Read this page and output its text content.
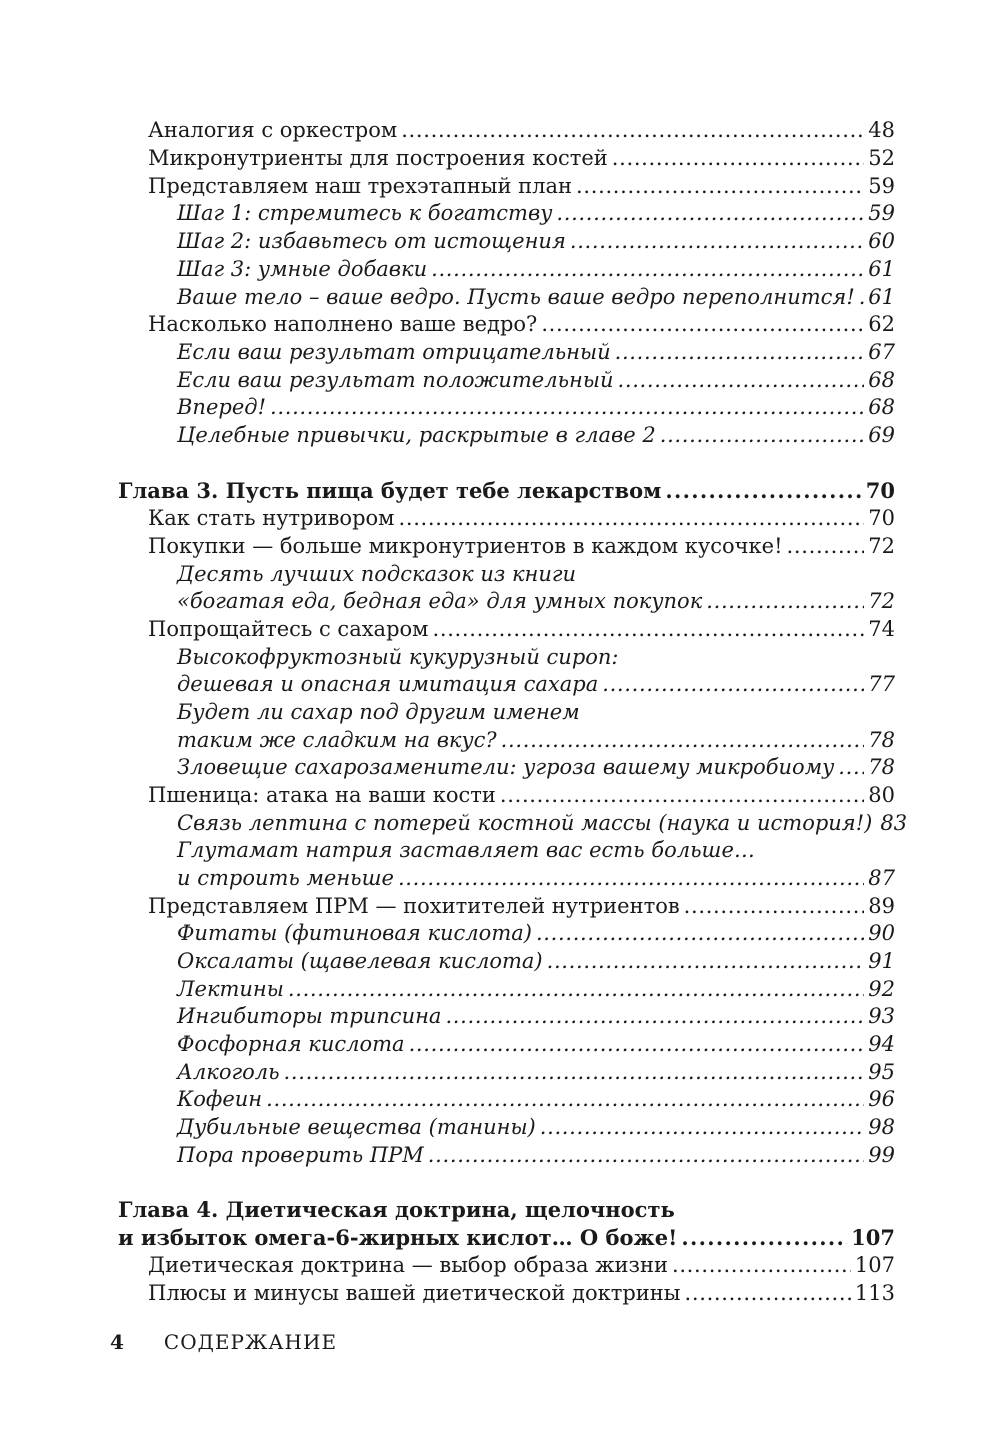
Аналогия с оркестром . . .	48
Микронутриенты для построения костей . . .	52
Представляем наш трехэтапный план . . .	59
Шаг 1: стремитесь к богатству . . .	59
Шаг 2: избавьтесь от истощения . . .	60
Шаг 3: умные добавки . . .	61
Ваше тело – ваше ведро. Пусть ваше ведро переполнится! . . . 61
Насколько наполнено ваше ведро? . . .	62
Если ваш результат отрицательный . . .	67
Если ваш результат положительный . . .	68
Вперед! . . .	68
Целебные привычки, раскрытые в главе 2 . . .	69
Глава 3. Пусть пища будет тебе лекарством . . .	70
Как стать нутривором . . .	70
Покупки — больше микронутриентов в каждом кусочке! . . .	72
Десять лучших подсказок из книги
«богатая еда, бедная еда» для умных покупок . . .	72
Попрощайтесь с сахаром . . .	74
Высокофруктозный кукурузный сироп:
дешевая и опасная имитация сахара . . .	77
Будет ли сахар под другим именем
таким же сладким на вкус? . . .	78
Зловещие сахарозаменители: угроза вашему микробиому . . . 78
Пшеница: атака на ваши кости . . .	80
Связь лептина с потерей костной массы (наука и история!) 83
Глутамат натрия заставляет вас есть больше…
и строить меньше . . .	87
Представляем ПРМ — похитителей нутриентов . . .	89
Фитаты (фитиновая кислота) . . .	90
Оксалаты (щавелевая кислота) . . .	91
Лектины . . .	92
Ингибиторы трипсина . . .	93
Фосфорная кислота . . .	94
Алкоголь . . .	95
Кофеин . . .	96
Дубильные вещества (танины) . . .	98
Пора проверить ПРМ . . .	99
Глава 4. Диетическая доктрина, щелочность
и избыток омега-6-жирных кислот… О боже! . . .	107
Диетическая доктрина — выбор образа жизни . . .	107
Плюсы и минусы вашей диетической доктрины . . .	113
4 СОДЕРЖАНИЕ
